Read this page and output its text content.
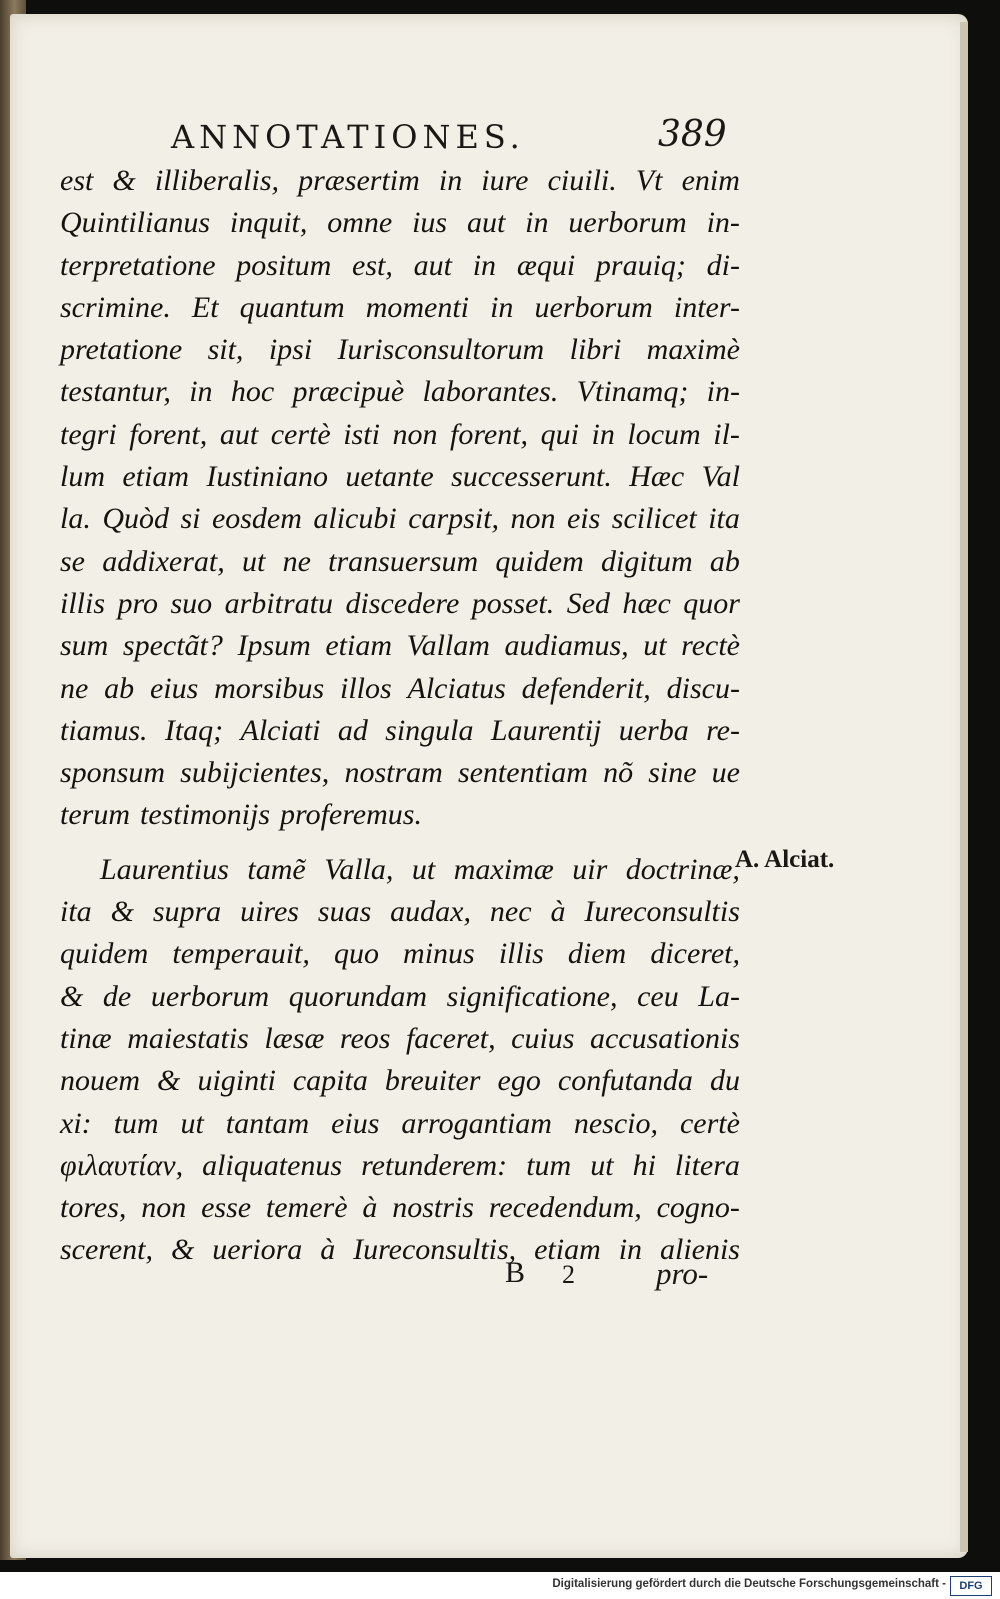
ANNOTATIONES.	389
est & illiberalis, præsertim in iure ciuili. Vt enim
Quintilianus inquit, omne ius aut in uerborum in-
terpretatione positum est, aut in æqui prauiq; di-
scrimine. Et quantum momenti in uerborum inter-
pretatione sit, ipsi Iurisconsultorum libri maximè
testantur, in hoc præcipuè laborantes. Vtinamq; in-
tegri forent, aut certè isti non forent, qui in locum il-
lum etiam Iustiniano uetante successerunt. Hæc Val
la. Quòd si eosdem alicubi carpsit, non eis scilicet ita
se addixerat, ut ne transuersum quidem digitum ab
illis pro suo arbitratu discedere posset. Sed hæc quor
sum spectãt? Ipsum etiam Vallam audiamus, ut rectè
ne ab eius morsibus illos Alciatus defenderit, discu-
tiamus. Itaq; Alciati ad singula Laurentij uerba re-
sponsum subijcientes, nostram sententiam nõ sine ue
terum testimonijs proferemus.
Laurentius tamẽ Valla, ut maximæ uir doctrinæ,
ita & supra uires suas audax, nec à Iureconsultis
quidem temperauit, quo minus illis diem diceret,
& de uerborum quorundam significatione, ceu La-
tinæ maiestatis læsæ reos faceret, cuius accusationis
nouem & uiginti capita breuiter ego confutanda du
xi: tum ut tantam eius arrogantiam nescio, certè
φιλαυτίαν, aliquatenus retunderem: tum ut hi litera
tores, non esse temerè à nostris recedendum, cogno-
scerent, & ueriora à Iureconsultis, etiam in alienis
A. Alciat.
B 2	pro-
Digitalisierung gefördert durch die Deutsche Forschungsgemeinschaft -	DFG
